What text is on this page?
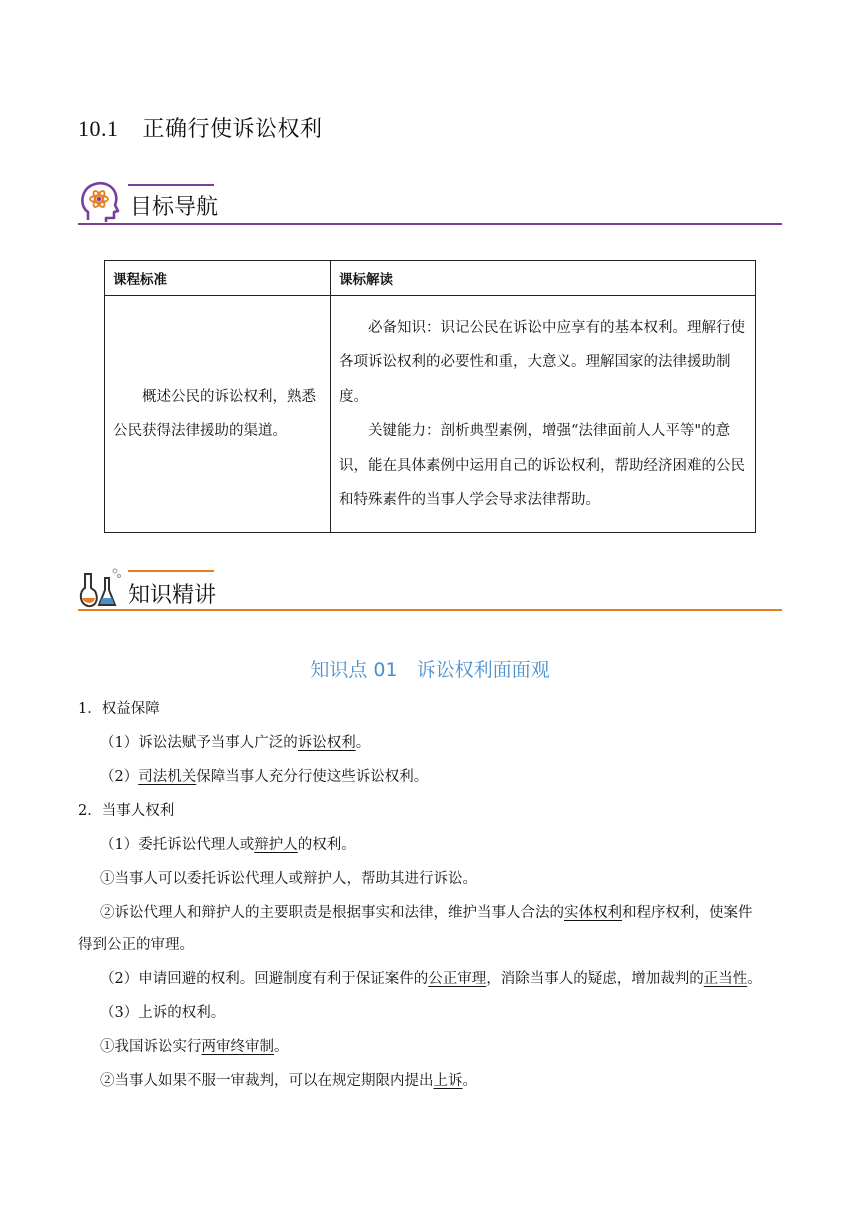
10.1 正确行使诉讼权利
目标导航
课程标准	课标解读
概述公民的诉讼权利，熟悉公民获得法律援助的渠道。	必备知识：识记公民在诉讼中应享有的基本权利。理解行使各项诉讼权利的必要性和重，大意义。理解国家的法律援助制度。
关键能力：剖析典型素例，增强“法律面前人人平等"的意识，能在具体素例中运用自己的诉讼权利，帮助经济困难的公民和特殊素件的当事人学会导求法律帮助。
知识精讲
知识点 01　诉讼权利面面观
1．权益保障
（1）诉讼法赋予当事人广泛的诉讼权利。
（2）司法机关保障当事人充分行使这些诉讼权利。
2．当事人权利
（1）委托诉讼代理人或辩护人的权利。
①当事人可以委托诉讼代理人或辩护人，帮助其进行诉讼。
②诉讼代理人和辩护人的主要职责是根据事实和法律，维护当事人合法的实体权利和程序权利，使案件
得到公正的审理。
（2）申请回避的权利。回避制度有利于保证案件的公正审理，消除当事人的疑虑，增加裁判的正当性。
（3）上诉的权利。
①我国诉讼实行两审终审制。
②当事人如果不服一审裁判，可以在规定期限内提出上诉。
